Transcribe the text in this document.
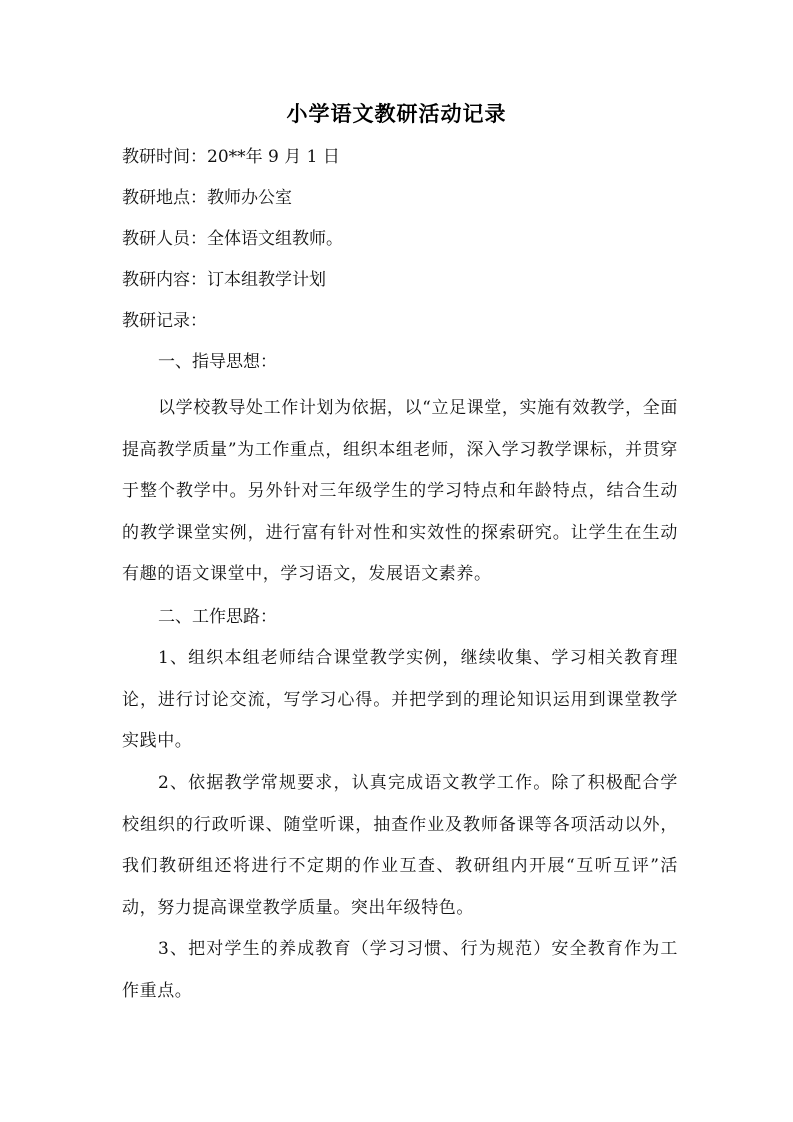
小学语文教研活动记录
教研时间：20**年 9 月 1 日
教研地点：教师办公室
教研人员：全体语文组教师。
教研内容：订本组教学计划
教研记录：
一、指导思想：
以学校教导处工作计划为依据，以“立足课堂，实施有效教学，全面提高教学质量”为工作重点，组织本组老师，深入学习教学课标，并贯穿于整个教学中。另外针对三年级学生的学习特点和年龄特点，结合生动的教学课堂实例，进行富有针对性和实效性的探索研究。让学生在生动有趣的语文课堂中，学习语文，发展语文素养。
二、工作思路：
1、组织本组老师结合课堂教学实例，继续收集、学习相关教育理论，进行讨论交流，写学习心得。并把学到的理论知识运用到课堂教学实践中。
2、依据教学常规要求，认真完成语文教学工作。除了积极配合学校组织的行政听课、随堂听课，抽查作业及教师备课等各项活动以外，我们教研组还将进行不定期的作业互查、教研组内开展“互听互评”活动，努力提高课堂教学质量。突出年级特色。
3、把对学生的养成教育（学习习惯、行为规范）安全教育作为工作重点。
